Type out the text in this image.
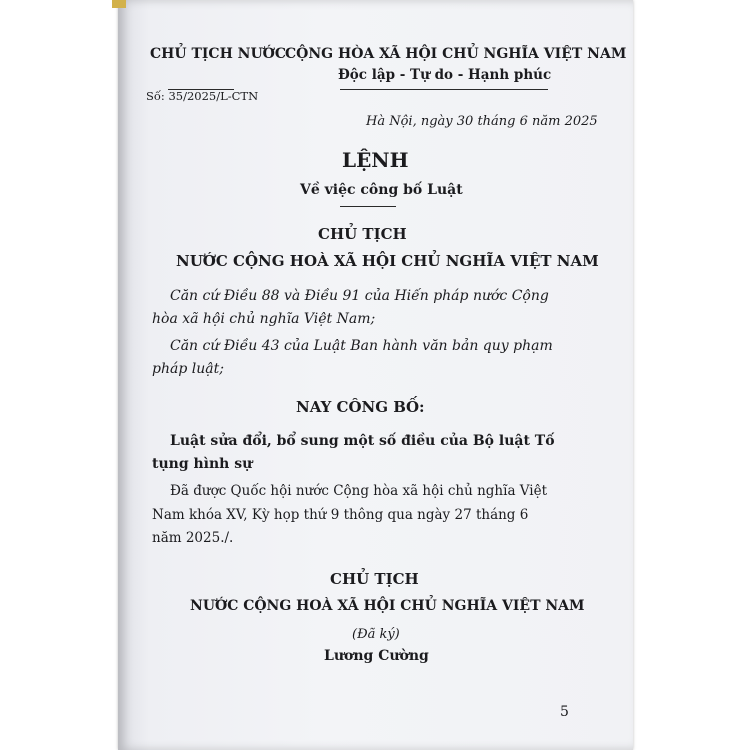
CHỦ TỊCH NƯỚC
CỘNG HÒA XÃ HỘI CHỦ NGHĨA VIỆT NAM
Độc lập - Tự do - Hạnh phúc
Số: 35/2025/L-CTN
Hà Nội, ngày 30 tháng 6 năm 2025
LỆNH
Về việc công bố Luật
CHỦ TỊCH
NƯỚC CỘNG HOÀ XÃ HỘI CHỦ NGHĨA VIỆT NAM
Căn cứ Điều 88 và Điều 91 của Hiến pháp nước Cộng
hòa xã hội chủ nghĩa Việt Nam;
Căn cứ Điều 43 của Luật Ban hành văn bản quy phạm
pháp luật;
NAY CÔNG BỐ:
Luật sửa đổi, bổ sung một số điều của Bộ luật Tố
tụng hình sự
Đã được Quốc hội nước Cộng hòa xã hội chủ nghĩa Việt
Nam khóa XV, Kỳ họp thứ 9 thông qua ngày 27 tháng 6
năm 2025./.
CHỦ TỊCH
NƯỚC CỘNG HOÀ XÃ HỘI CHỦ NGHĨA VIỆT NAM
(Đã ký)
Lương Cường
5
